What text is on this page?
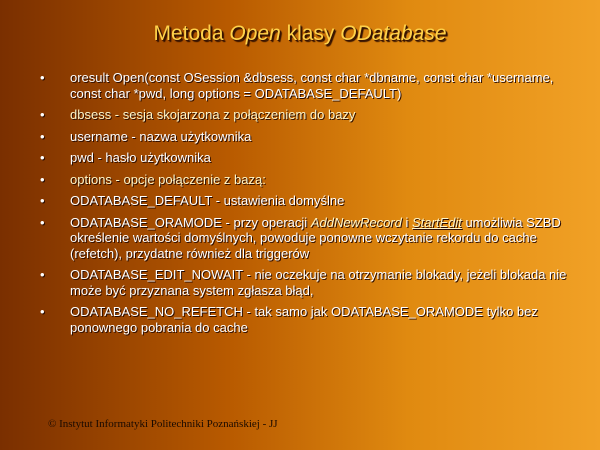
Metoda Open klasy ODatabase
•	oresult Open(const OSession &dbsess, const char *dbname, const char *username, const char *pwd, long options = ODATABASE_DEFAULT)
•	dbsess - sesja skojarzona z połączeniem do bazy
•	username - nazwa użytkownika
•	pwd - hasło użytkownika
•	options - opcje połączenie z bazą:
•	ODATABASE_DEFAULT - ustawienia domyślne
•	ODATABASE_ORAMODE - przy operacji AddNewRecord i StartEdit umożliwia SZBD określenie wartości domyślnych, powoduje ponowne wczytanie rekordu do cache (refetch), przydatne również dla triggerów
•	ODATABASE_EDIT_NOWAIT - nie oczekuje na otrzymanie blokady, jeżeli blokada nie może być przyznana system zgłasza błąd,
•	ODATABASE_NO_REFETCH - tak samo jak ODATABASE_ORAMODE tylko bez ponownego pobrania do cache
© Instytut Informatyki Politechniki Poznańskiej - JJ
